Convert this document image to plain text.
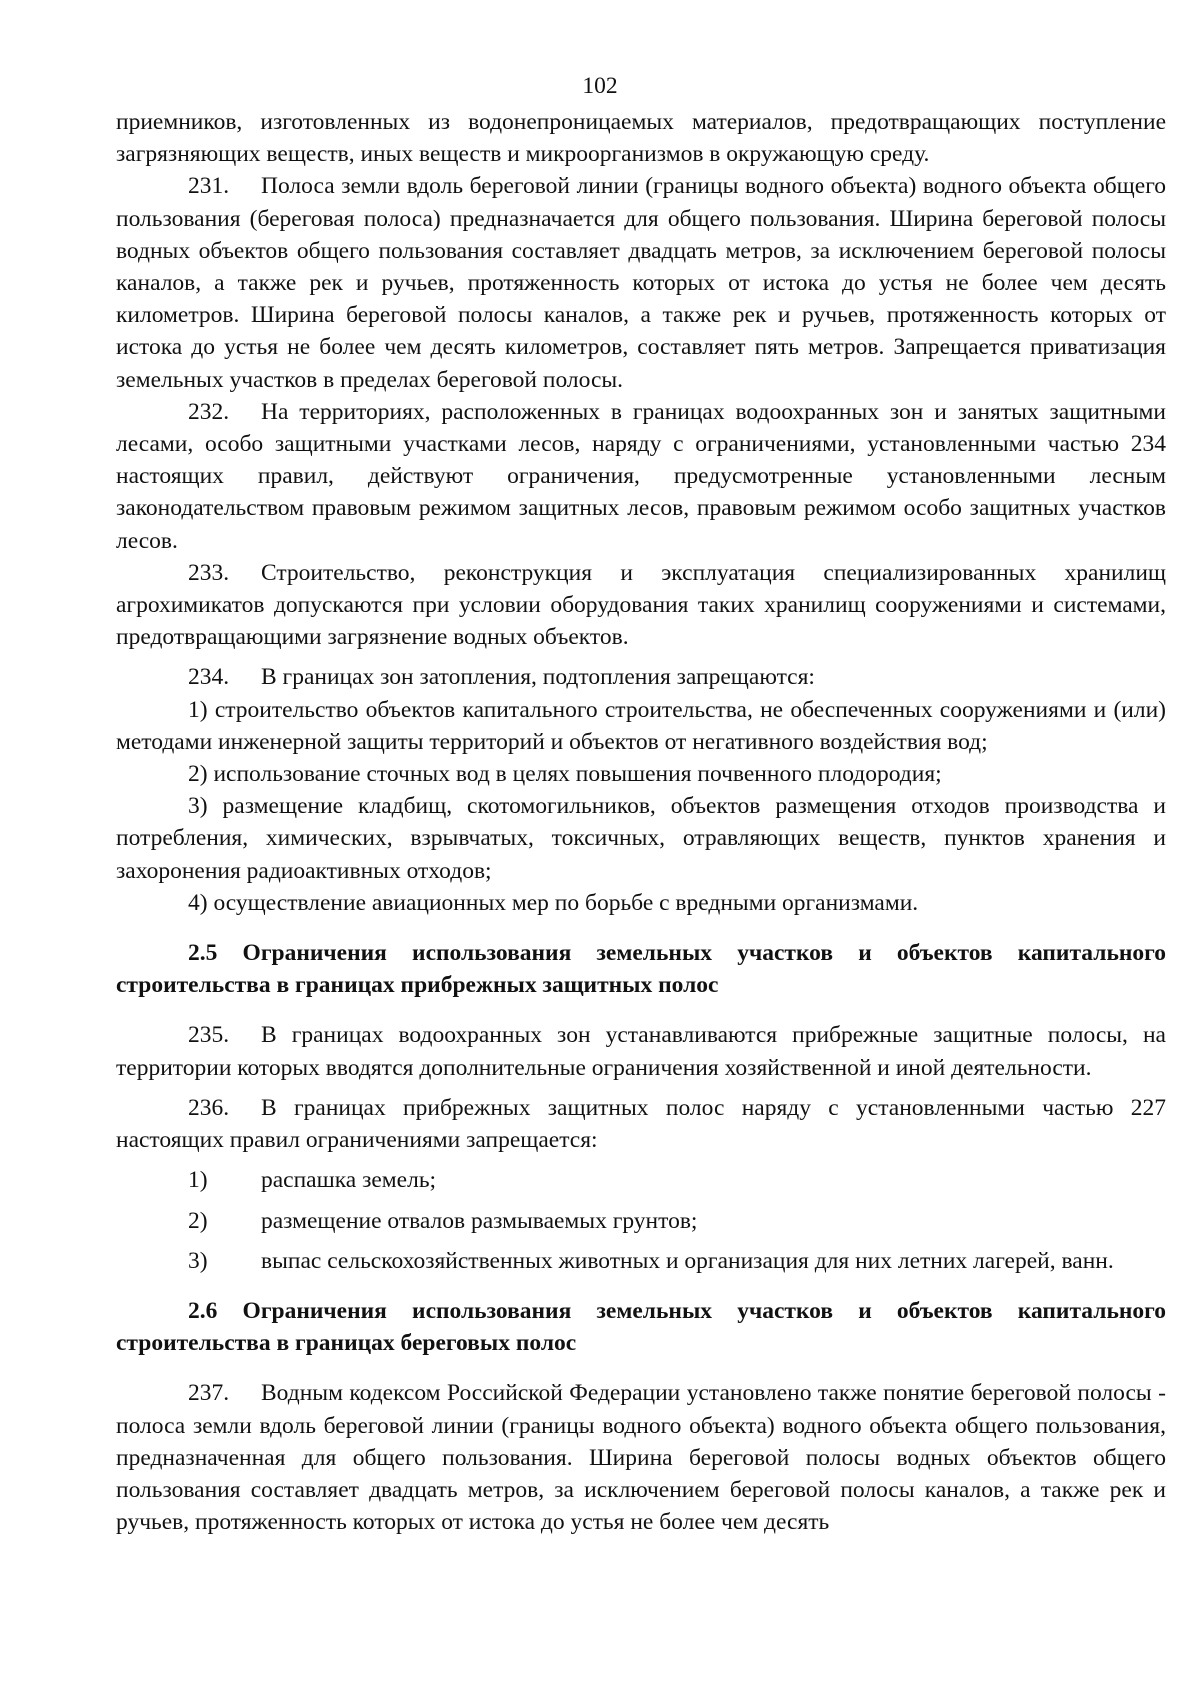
102

приемников, изготовленных из водонепроницаемых материалов, предотвращающих поступление загрязняющих веществ, иных веществ и микроорганизмов в окружающую среду.

231. Полоса земли вдоль береговой линии (границы водного объекта) водного объекта общего пользования (береговая полоса) предназначается для общего пользования. Ширина береговой полосы водных объектов общего пользования составляет двадцать метров, за исключением береговой полосы каналов, а также рек и ручьев, протяженность которых от истока до устья не более чем десять километров. Ширина береговой полосы каналов, а также рек и ручьев, протяженность которых от истока до устья не более чем десять километров, составляет пять метров. Запрещается приватизация земельных участков в пределах береговой полосы.

232. На территориях, расположенных в границах водоохранных зон и занятых защитными лесами, особо защитными участками лесов, наряду с ограничениями, установленными частью 234 настоящих правил, действуют ограничения, предусмотренные установленными лесным законодательством правовым режимом защитных лесов, правовым режимом особо защитных участков лесов.

233. Строительство, реконструкция и эксплуатация специализированных хранилищ агрохимикатов допускаются при условии оборудования таких хранилищ сооружениями и системами, предотвращающими загрязнение водных объектов.

234. В границах зон затопления, подтопления запрещаются:

1) строительство объектов капитального строительства, не обеспеченных сооружениями и (или) методами инженерной защиты территорий и объектов от негативного воздействия вод;

2) использование сточных вод в целях повышения почвенного плодородия;

3) размещение кладбищ, скотомогильников, объектов размещения отходов производства и потребления, химических, взрывчатых, токсичных, отравляющих веществ, пунктов хранения и захоронения радиоактивных отходов;

4) осуществление авиационных мер по борьбе с вредными организмами.

2.5 Ограничения использования земельных участков и объектов капитального строительства в границах прибрежных защитных полос

235. В границах водоохранных зон устанавливаются прибрежные защитные полосы, на территории которых вводятся дополнительные ограничения хозяйственной и иной деятельности.

236. В границах прибрежных защитных полос наряду с установленными частью 227 настоящих правил ограничениями запрещается:

1)	распашка земель;
2)	размещение отвалов размываемых грунтов;
3)	выпас сельскохозяйственных животных и организация для них летних лагерей, ванн.
2.6 Ограничения использования земельных участков и объектов капитального строительства в границах береговых полос

237. Водным кодексом Российской Федерации установлено также понятие береговой полосы - полоса земли вдоль береговой линии (границы водного объекта) водного объекта общего пользования, предназначенная для общего пользования. Ширина береговой полосы водных объектов общего пользования составляет двадцать метров, за исключением береговой полосы каналов, а также рек и ручьев, протяженность которых от истока до устья не более чем десять
